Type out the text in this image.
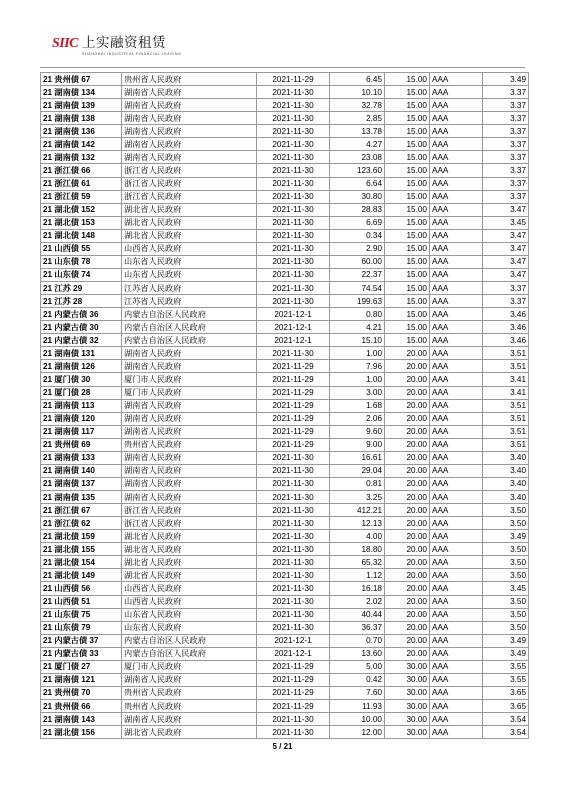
SIIC 上实融资租赁
SHANGHAI INDUSTRIAL FINANCIAL LEASING
21 贵州债 67	贵州省人民政府	2021-11-29	6.45	15.00	AAA	3.49
21 湖南债 134	湖南省人民政府	2021-11-30	10.10	15.00	AAA	3.37
21 湖南债 139	湖南省人民政府	2021-11-30	32.78	15.00	AAA	3.37
21 湖南债 138	湖南省人民政府	2021-11-30	2.85	15.00	AAA	3.37
21 湖南债 136	湖南省人民政府	2021-11-30	13.78	15.00	AAA	3.37
21 湖南债 142	湖南省人民政府	2021-11-30	4.27	15.00	AAA	3.37
21 湖南债 132	湖南省人民政府	2021-11-30	23.08	15.00	AAA	3.37
21 浙江债 66	浙江省人民政府	2021-11-30	123.60	15.00	AAA	3.37
21 浙江债 61	浙江省人民政府	2021-11-30	6.64	15.00	AAA	3.37
21 浙江债 59	浙江省人民政府	2021-11-30	30.80	15.00	AAA	3.37
21 湖北债 152	湖北省人民政府	2021-11-30	28.83	15.00	AAA	3.47
21 湖北债 153	湖北省人民政府	2021-11-30	6.69	15.00	AAA	3.45
21 湖北债 148	湖北省人民政府	2021-11-30	0.34	15.00	AAA	3.47
21 山西债 55	山西省人民政府	2021-11-30	2.90	15.00	AAA	3.47
21 山东债 78	山东省人民政府	2021-11-30	60.00	15.00	AAA	3.47
21 山东债 74	山东省人民政府	2021-11-30	22.37	15.00	AAA	3.47
21 江苏 29	江苏省人民政府	2021-11-30	74.54	15.00	AAA	3.37
21 江苏 28	江苏省人民政府	2021-11-30	199.63	15.00	AAA	3.37
21 内蒙古债 36	内蒙古自治区人民政府	2021-12-1	0.80	15.00	AAA	3.46
21 内蒙古债 30	内蒙古自治区人民政府	2021-12-1	4.21	15.00	AAA	3.46
21 内蒙古债 32	内蒙古自治区人民政府	2021-12-1	15.10	15.00	AAA	3.46
21 湖南债 131	湖南省人民政府	2021-11-30	1.00	20.00	AAA	3.51
21 湖南债 126	湖南省人民政府	2021-11-29	7.96	20.00	AAA	3.51
21 厦门债 30	厦门市人民政府	2021-11-29	1.00	20.00	AAA	3.41
21 厦门债 28	厦门市人民政府	2021-11-29	3.00	20.00	AAA	3.41
21 湖南债 113	湖南省人民政府	2021-11-29	1.68	20.00	AAA	3.51
21 湖南债 120	湖南省人民政府	2021-11-29	2.06	20.00	AAA	3.51
21 湖南债 117	湖南省人民政府	2021-11-29	9.60	20.00	AAA	3.51
21 贵州债 69	贵州省人民政府	2021-11-29	9.00	20.00	AAA	3.51
21 湖南债 133	湖南省人民政府	2021-11-30	16.61	20.00	AAA	3.40
21 湖南债 140	湖南省人民政府	2021-11-30	29.04	20.00	AAA	3.40
21 湖南债 137	湖南省人民政府	2021-11-30	0.81	20.00	AAA	3.40
21 湖南债 135	湖南省人民政府	2021-11-30	3.25	20.00	AAA	3.40
21 浙江债 67	浙江省人民政府	2021-11-30	412.21	20.00	AAA	3.50
21 浙江债 62	浙江省人民政府	2021-11-30	12.13	20.00	AAA	3.50
21 湖北债 159	湖北省人民政府	2021-11-30	4.00	20.00	AAA	3.49
21 湖北债 155	湖北省人民政府	2021-11-30	18.80	20.00	AAA	3.50
21 湖北债 154	湖北省人民政府	2021-11-30	65.32	20.00	AAA	3.50
21 湖北债 149	湖北省人民政府	2021-11-30	1.12	20.00	AAA	3.50
21 山西债 56	山西省人民政府	2021-11-30	16.18	20.00	AAA	3.45
21 山西债 51	山西省人民政府	2021-11-30	2.02	20.00	AAA	3.50
21 山东债 75	山东省人民政府	2021-11-30	40.44	20.00	AAA	3.50
21 山东债 79	山东省人民政府	2021-11-30	36.37	20.00	AAA	3.50
21 内蒙古债 37	内蒙古自治区人民政府	2021-12-1	0.70	20.00	AAA	3.49
21 内蒙古债 33	内蒙古自治区人民政府	2021-12-1	13.60	20.00	AAA	3.49
21 厦门债 27	厦门市人民政府	2021-11-29	5.00	30.00	AAA	3.55
21 湖南债 121	湖南省人民政府	2021-11-29	0.42	30.00	AAA	3.55
21 贵州债 70	贵州省人民政府	2021-11-29	7.60	30.00	AAA	3.65
21 贵州债 66	贵州省人民政府	2021-11-29	11.93	30.00	AAA	3.65
21 湖南债 143	湖南省人民政府	2021-11-30	10.00	30.00	AAA	3.54
21 湖北债 156	湖北省人民政府	2021-11-30	12.00	30.00	AAA	3.54
5 / 21
